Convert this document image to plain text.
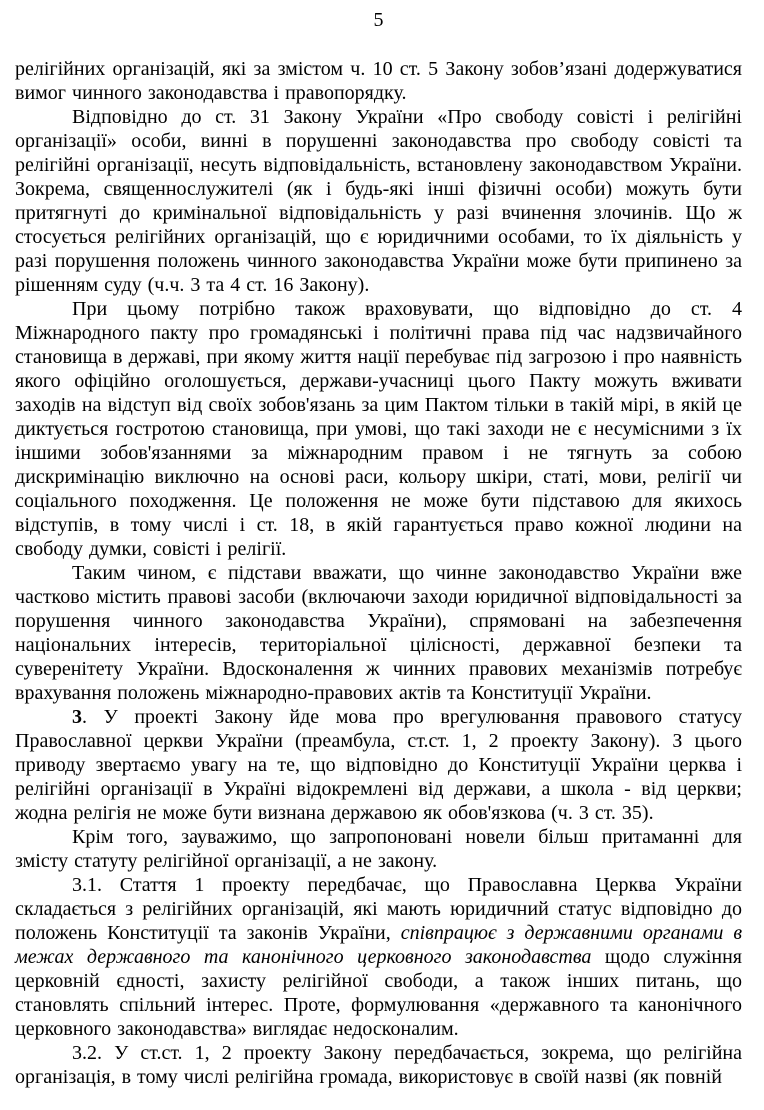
5

релігійних організацій, які за змістом ч. 10 ст. 5 Закону зобов’язані додержуватися вимог чинного законодавства і правопорядку.

Відповідно до ст. 31 Закону України «Про свободу совісті і релігійні організації» особи, винні в порушенні законодавства про свободу совісті та релігійні організації, несуть відповідальність, встановлену законодавством України. Зокрема, священнослужителі (як і будь-які інші фізичні особи) можуть бути притягнуті до кримінальної відповідальність у разі вчинення злочинів. Що ж стосується релігійних організацій, що є юридичними особами, то їх діяльність у разі порушення положень чинного законодавства України може бути припинено за рішенням суду (ч.ч. 3 та 4 ст. 16 Закону).

При цьому потрібно також враховувати, що відповідно до ст. 4 Міжнародного пакту про громадянські і політичні права під час надзвичайного становища в державі, при якому життя нації перебуває під загрозою і про наявність якого офіційно оголошується, держави-учасниці цього Пакту можуть вживати заходів на відступ від своїх зобов'язань за цим Пактом тільки в такій мірі, в якій це диктується гостротою становища, при умові, що такі заходи не є несумісними з їх іншими зобов'язаннями за міжнародним правом і не тягнуть за собою дискримінацію виключно на основі раси, кольору шкіри, статі, мови, релігії чи соціального походження. Це положення не може бути підставою для якихось відступів, в тому числі і ст. 18, в якій гарантується право кожної людини на свободу думки, совісті і релігії.

Таким чином, є підстави вважати, що чинне законодавство України вже частково містить правові засоби (включаючи заходи юридичної відповідальності за порушення чинного законодавства України), спрямовані на забезпечення національних інтересів, територіальної цілісності, державної безпеки та суверенітету України. Вдосконалення ж чинних правових механізмів потребує врахування положень міжнародно-правових актів та Конституції України.

3. У проекті Закону йде мова про врегулювання правового статусу Православної церкви України (преамбула, ст.ст. 1, 2 проекту Закону). З цього приводу звертаємо увагу на те, що відповідно до Конституції України церква і релігійні організації в Україні відокремлені від держави, а школа - від церкви; жодна релігія не може бути визнана державою як обов'язкова (ч. 3 ст. 35).

Крім того, зауважимо, що запропоновані новели більш притаманні для змісту статуту релігійної організації, а не закону.

3.1. Стаття 1 проекту передбачає, що Православна Церква України складається з релігійних організацій, які мають юридичний статус відповідно до положень Конституції та законів України, співпрацює з державними органами в межах державного та канонічного церковного законодавства щодо служіння церковній єдності, захисту релігійної свободи, а також інших питань, що становлять спільний інтерес. Проте, формулювання «державного та канонічного церковного законодавства» виглядає недосконалим.

3.2. У ст.ст. 1, 2 проекту Закону передбачається, зокрема, що релігійна організація, в тому числі релігійна громада, використовує в своїй назві (як повній
